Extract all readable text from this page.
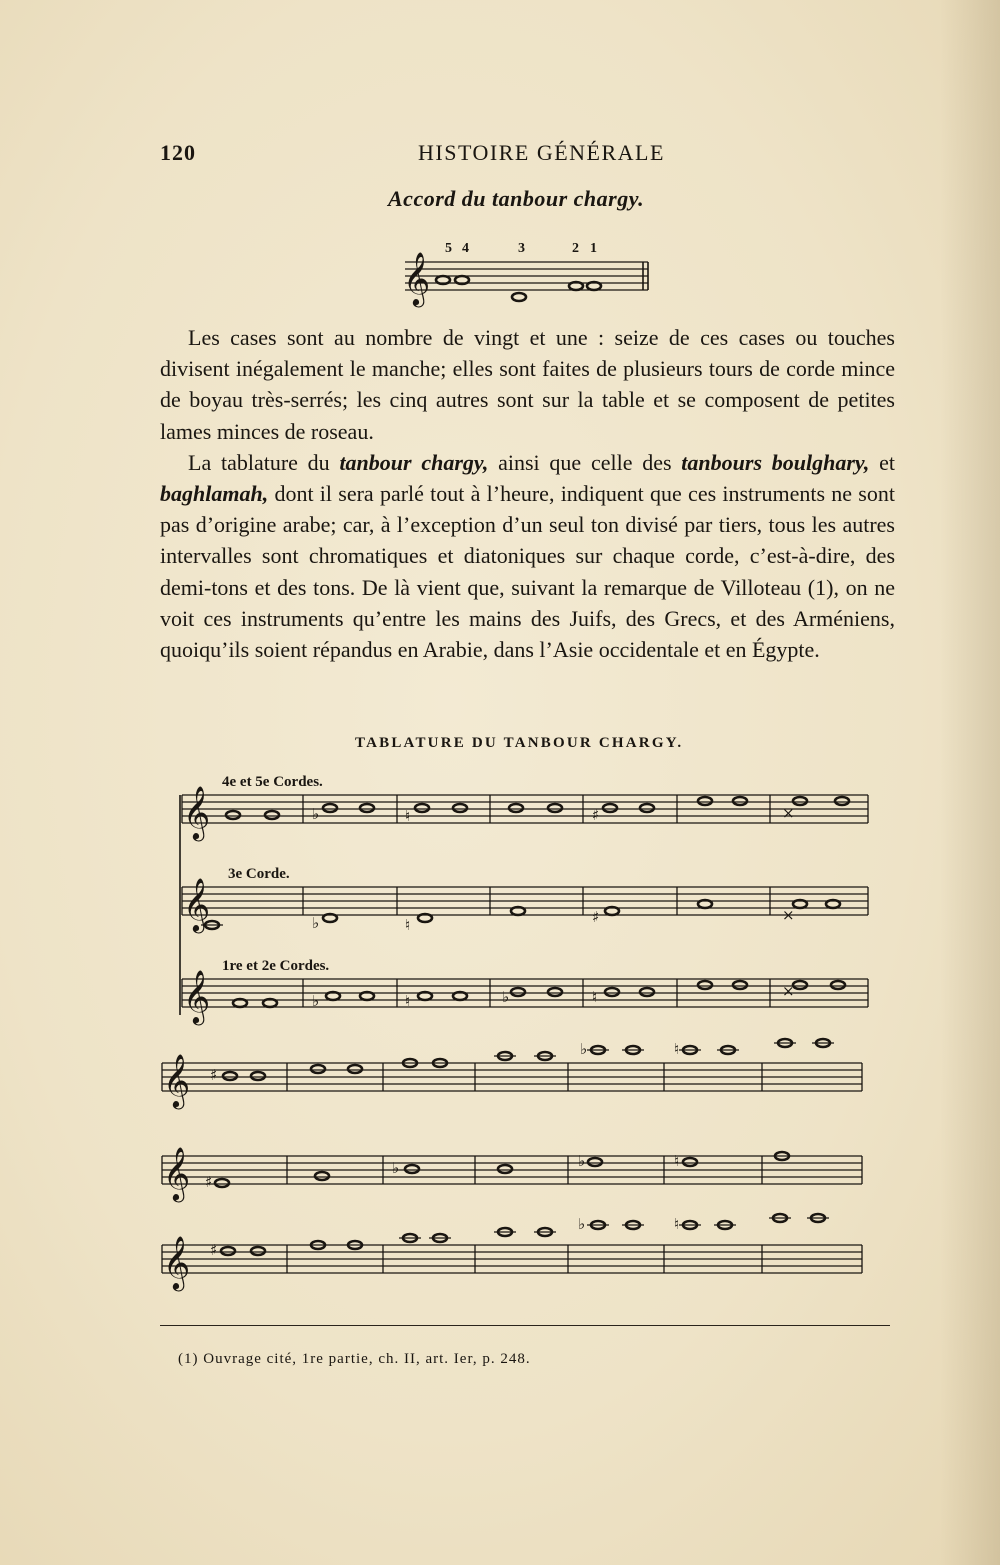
120	HISTOIRE GÉNÉRALE
Accord du tanbour chargy.
5 4	3	2 1
𝄞

Les cases sont au nombre de vingt et une : seize de ces cases ou touches divisent inégalement le manche; elles sont faites de plusieurs tours de corde mince de boyau très-serrés; les cinq autres sont sur la table et se composent de petites lames minces de roseau.

La tablature du tanbour chargy, ainsi que celle des tanbours boulghary, et baghlamah, dont il sera parlé tout à l’heure, indiquent que ces instruments ne sont pas d’origine arabe; car, à l’exception d’un seul ton divisé par tiers, tous les autres intervalles sont chromatiques et diatoniques sur chaque corde, c’est-à-dire, des demi-tons et des tons. De là vient que, suivant la remarque de Villoteau (1), on ne voit ces instruments qu’entre les mains des Juifs, des Grecs, et des Arméniens, quoiqu’ils soient répandus en Arabie, dans l’Asie occidentale et en Égypte.

TABLATURE DU TANBOUR CHARGY.
4e et 5e Cordes.
3e Corde.
1re et 2e Cordes.
𝄞	♭	♮	♯	×
𝄞	♭	♮	♯	×
𝄞	♭	♮	♭	♮	×
𝄞 ♯
♭	♮
𝄞 ♯
♭	♭	♮
𝄞 ♯
♭	♮
(1) Ouvrage cité, 1re partie, ch. II, art. Ier, p. 248.
